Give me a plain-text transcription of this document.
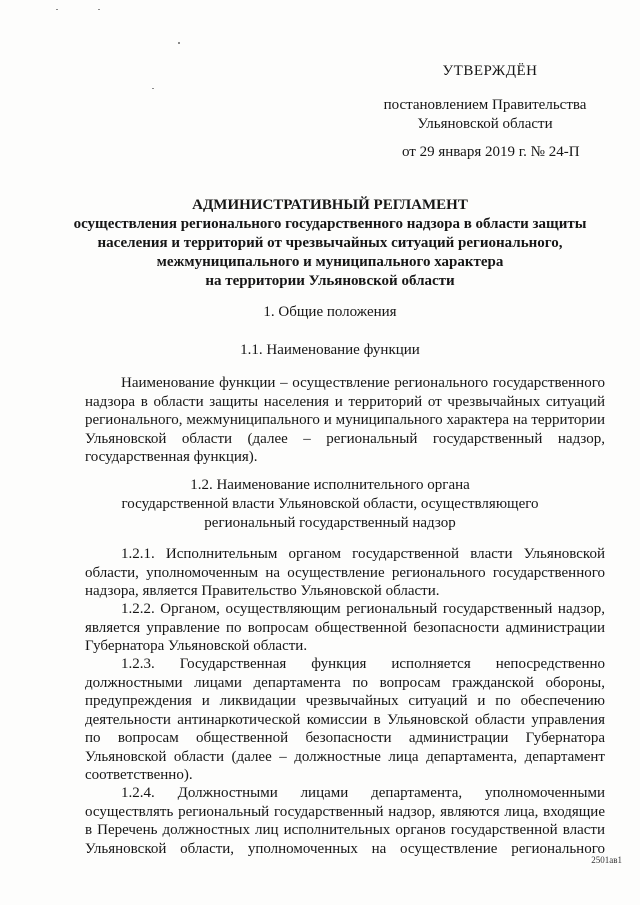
УТВЕРЖДЁН
постановлением Правительства
Ульяновской области
от 29 января 2019 г. № 24-П
АДМИНИСТРАТИВНЫЙ РЕГЛАМЕНТ
осуществления регионального государственного надзора в области защиты
населения и территорий от чрезвычайных ситуаций регионального,
межмуниципального и муниципального характера
на территории Ульяновской области
1. Общие положения
1.1. Наименование функции
Наименование функции – осуществление регионального государственного
надзора в области защиты населения и территорий от чрезвычайных ситуаций
регионального, межмуниципального и муниципального характера на территории
Ульяновской области (далее – региональный государственный надзор,
государственная функция).
1.2. Наименование исполнительного органа
государственной власти Ульяновской области, осуществляющего
региональный государственный надзор
1.2.1. Исполнительным органом государственной власти Ульяновской
области, уполномоченным на осуществление регионального государственного
надзора, является Правительство Ульяновской области.
1.2.2. Органом, осуществляющим региональный государственный надзор,
является управление по вопросам общественной безопасности администрации
Губернатора Ульяновской области.
1.2.3. Государственная функция исполняется непосредственно
должностными лицами департамента по вопросам гражданской обороны,
предупреждения и ликвидации чрезвычайных ситуаций и по обеспечению
деятельности антинаркотической комиссии в Ульяновской области управления
по вопросам общественной безопасности администрации Губернатора
Ульяновской области (далее – должностные лица департамента, департамент
соответственно).
1.2.4. Должностными лицами департамента, уполномоченными
осуществлять региональный государственный надзор, являются лица, входящие
в Перечень должностных лиц исполнительных органов государственной власти
Ульяновской области, уполномоченных на осуществление регионального
2501ав1
